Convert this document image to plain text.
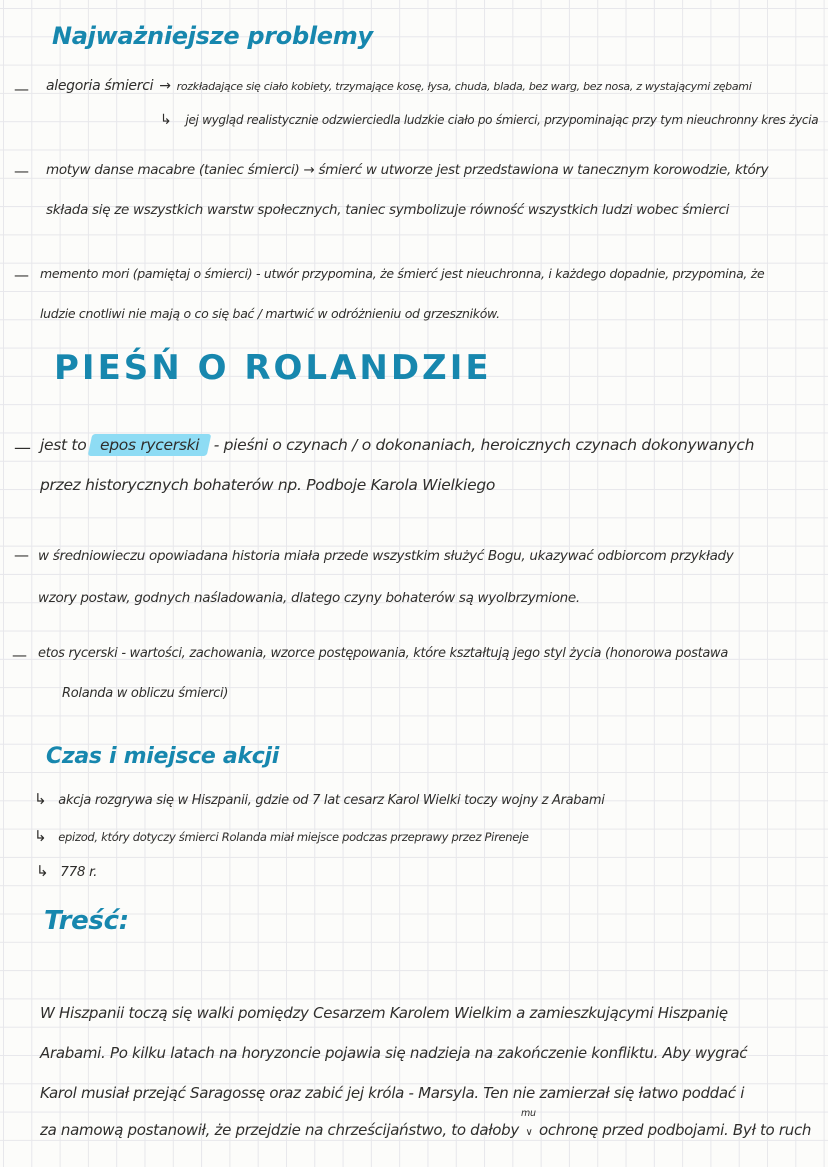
Najważniejsze problemy
— alegoria śmierci → rozkładające się ciało kobiety, trzymające kosę, łysa, chuda, blada, bez warg, bez nosa, z wystającymi zębami
↳ jej wygląd realistycznie odzwierciedla ludzkie ciało po śmierci, przypominając przy tym nieuchronny kres życia
— motyw danse macabre (taniec śmierci) → śmierć w utworze jest przedstawiona w tanecznym korowodzie, który
składa się ze wszystkich warstw społecznych, taniec symbolizuje równość wszystkich ludzi wobec śmierci
— memento mori (pamiętaj o śmierci) - utwór przypomina, że śmierć jest nieuchronna, i każdego dopadnie, przypomina, że
ludzie cnotliwi nie mają o co się bać / martwić w odróżnieniu od grzeszników.
PIEŚŃ O ROLANDZIE
— jest to epos rycerski - pieśni o czynach / o dokonaniach, heroicznych czynach dokonywanych
przez historycznych bohaterów np. Podboje Karola Wielkiego
— w średniowieczu opowiadana historia miała przede wszystkim służyć Bogu, ukazywać odbiorcom przykłady
wzory postaw, godnych naśladowania, dlatego czyny bohaterów są wyolbrzymione.
— etos rycerski - wartości, zachowania, wzorce postępowania, które kształtują jego styl życia (honorowa postawa
Rolanda w obliczu śmierci)
Czas i miejsce akcji
↳ akcja rozgrywa się w Hiszpanii, gdzie od 7 lat cesarz Karol Wielki toczy wojny z Arabami
↳ epizod, który dotyczy śmierci Rolanda miał miejsce podczas przeprawy przez Pireneje
↳ 778 r.
Treść:
W Hiszpanii toczą się walki pomiędzy Cesarzem Karolem Wielkim a zamieszkującymi Hiszpanię
Arabami. Po kilku latach na horyzoncie pojawia się nadzieja na zakończenie konfliktu. Aby wygrać
Karol musiał przejąć Saragossę oraz zabić jej króla - Marsyla. Ten nie zamierzał się łatwo poddać i
za namową postanowił, że przejdzie na chrześcijaństwo, to dałoby
mu
∨ ochronę przed podbojami. Był to ruch
